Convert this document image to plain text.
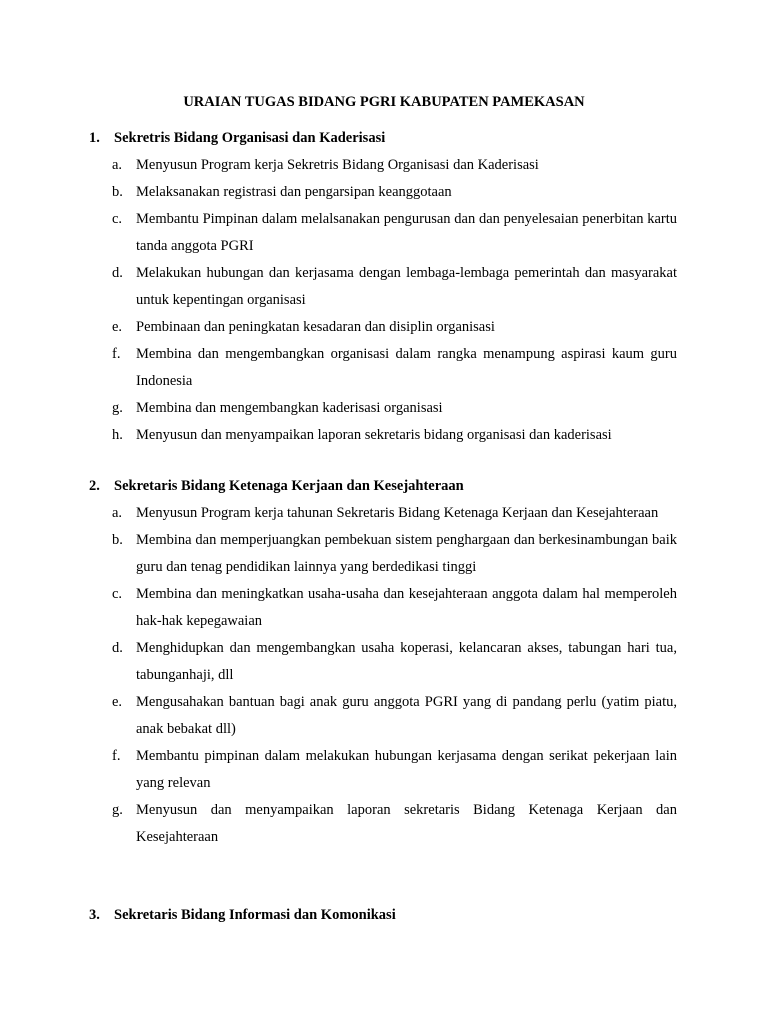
URAIAN TUGAS BIDANG PGRI KABUPATEN PAMEKASAN
1. Sekretris Bidang Organisasi dan Kaderisasi
a. Menyusun Program kerja Sekretris Bidang Organisasi dan Kaderisasi
b. Melaksanakan registrasi dan pengarsipan keanggotaan
c. Membantu Pimpinan dalam melalsanakan pengurusan dan dan penyelesaian penerbitan kartu tanda anggota PGRI
d. Melakukan hubungan dan kerjasama dengan lembaga-lembaga pemerintah dan masyarakat untuk kepentingan organisasi
e. Pembinaan dan peningkatan kesadaran dan disiplin organisasi
f. Membina dan mengembangkan organisasi dalam rangka menampung aspirasi kaum guru Indonesia
g. Membina dan mengembangkan kaderisasi organisasi
h. Menyusun dan menyampaikan laporan sekretaris bidang organisasi dan kaderisasi
2. Sekretaris Bidang Ketenaga Kerjaan dan Kesejahteraan
a. Menyusun Program kerja tahunan Sekretaris Bidang Ketenaga Kerjaan dan Kesejahteraan
b. Membina dan memperjuangkan pembekuan sistem penghargaan dan berkesinambungan baik guru dan tenag pendidikan lainnya yang berdedikasi tinggi
c. Membina dan meningkatkan usaha-usaha dan kesejahteraan anggota dalam hal memperoleh hak-hak kepegawaian
d. Menghidupkan dan mengembangkan usaha koperasi, kelancaran akses, tabungan hari tua, tabunganhaji, dll
e. Mengusahakan bantuan bagi anak guru anggota PGRI yang di pandang perlu (yatim piatu, anak bebakat dll)
f. Membantu pimpinan dalam melakukan hubungan kerjasama dengan serikat pekerjaan lain yang relevan
g. Menyusun dan menyampaikan laporan sekretaris Bidang Ketenaga Kerjaan dan Kesejahteraan
3. Sekretaris Bidang Informasi dan Komonikasi
